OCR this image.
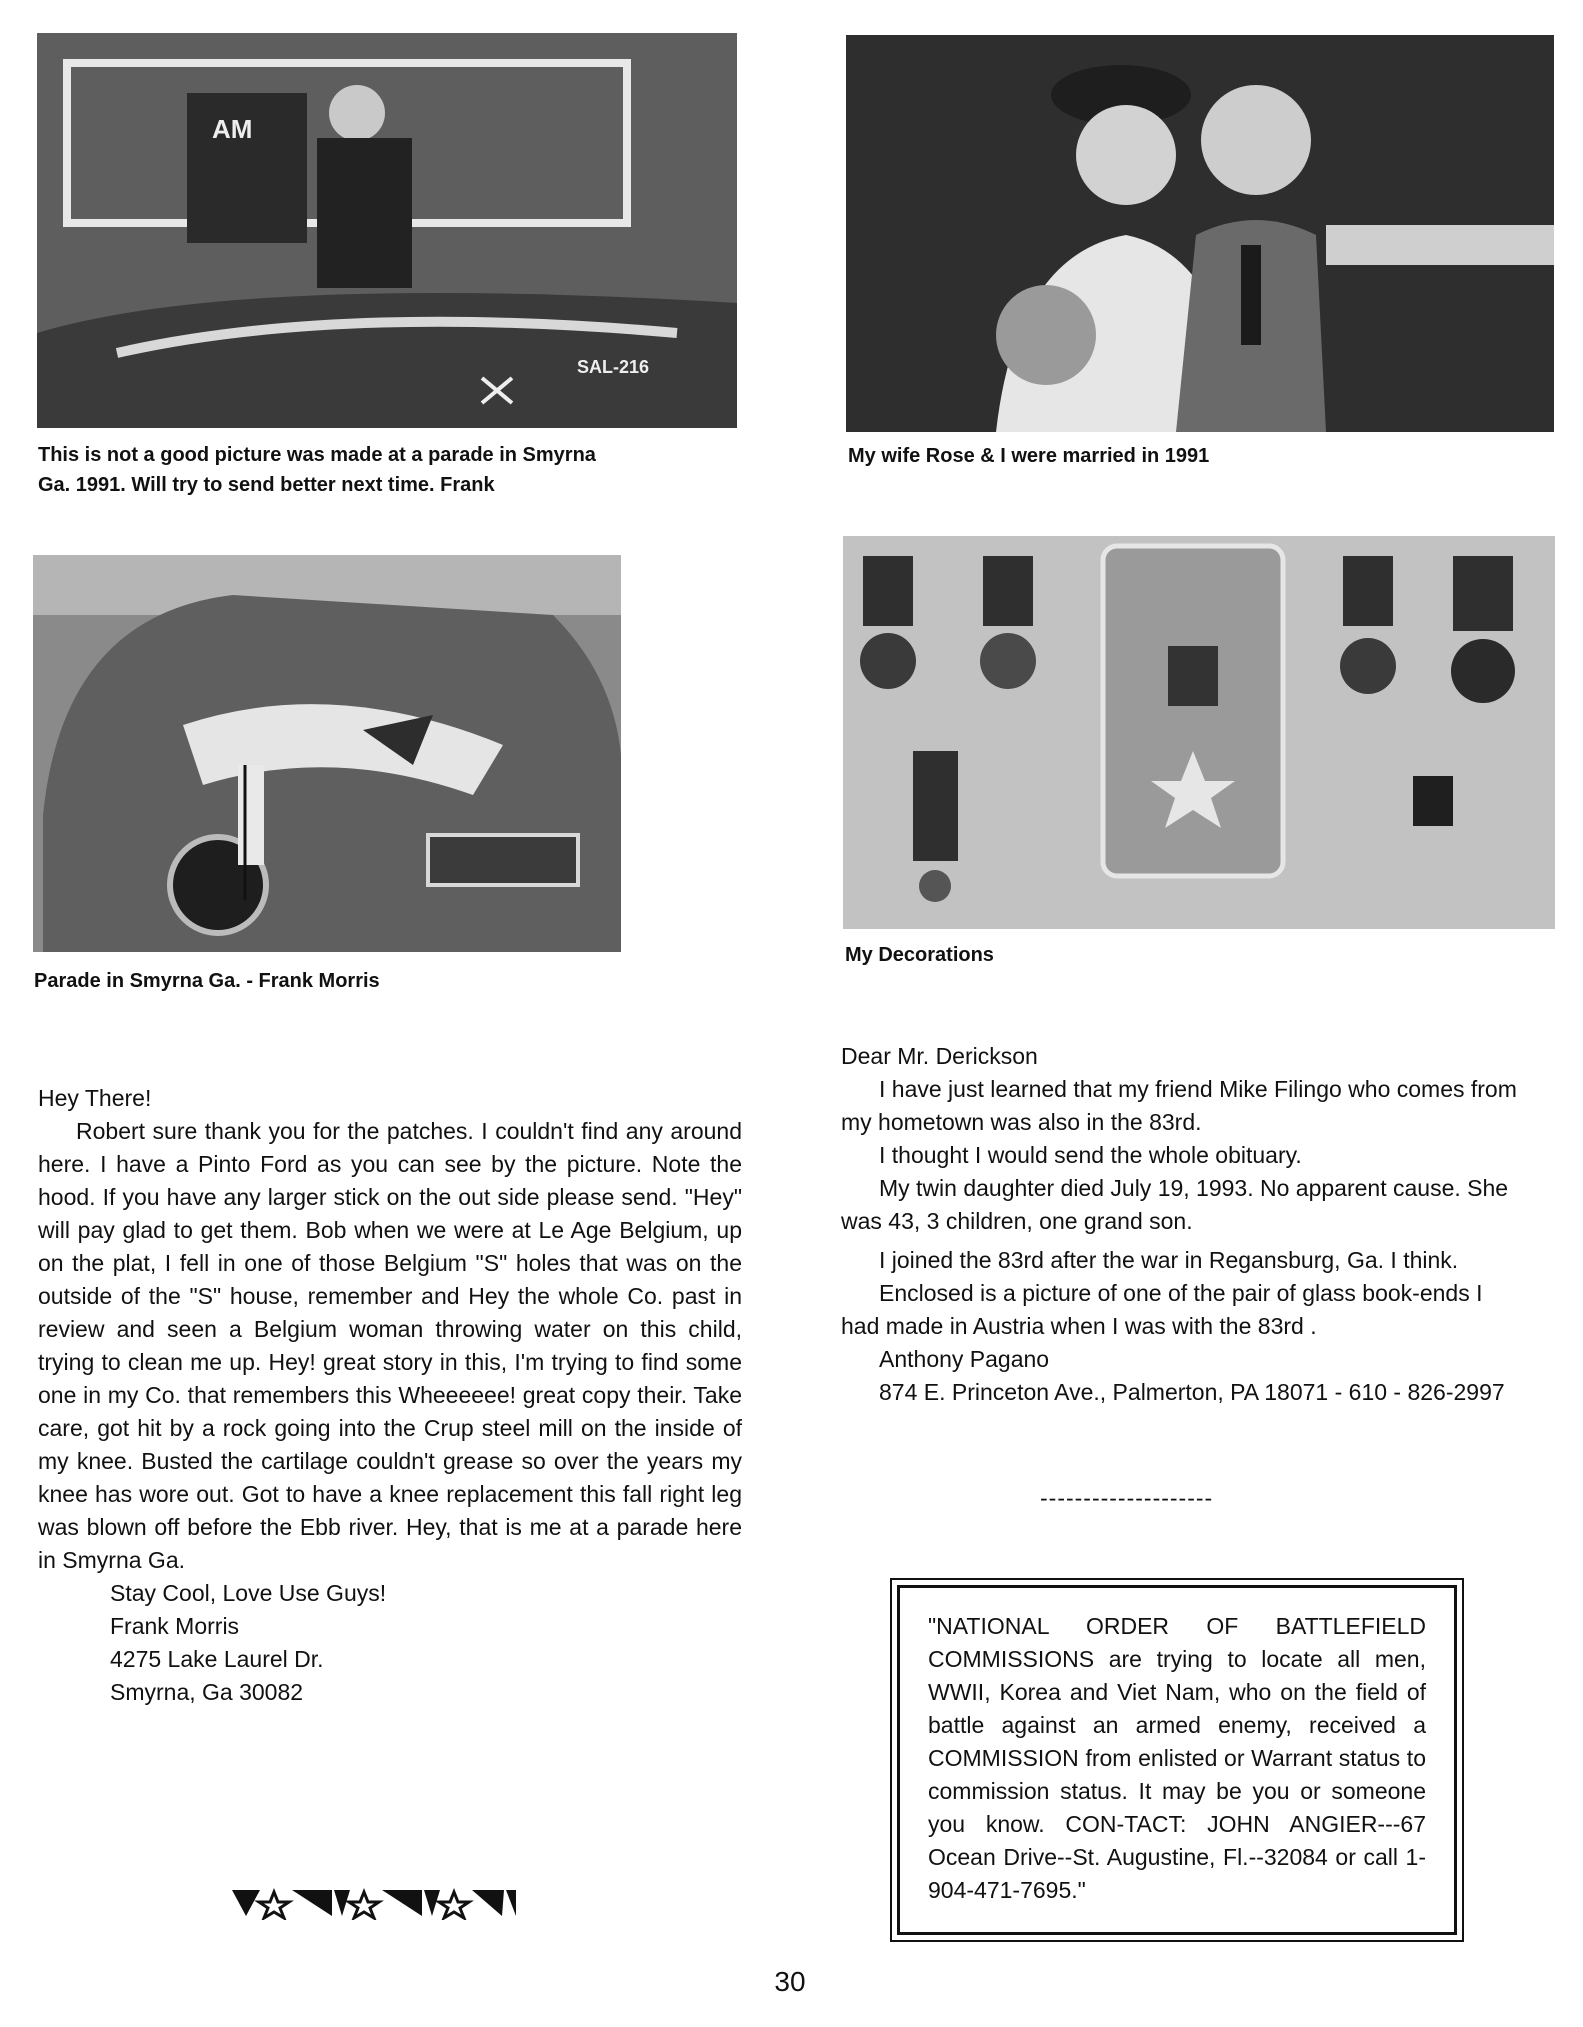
AM
SAL-216
This is not a good picture was made at a parade in Smyrna
Ga. 1991. Will try to send better next time. Frank
My wife Rose & I were married in 1991
Parade in Smyrna Ga. - Frank Morris
My Decorations
Hey There!

Robert sure thank you for the patches. I couldn't find any around here. I have a Pinto Ford as you can see by the picture. Note the hood. If you have any larger stick on the out side please send. "Hey" will pay glad to get them. Bob when we were at Le Age Belgium, up on the plat, I fell in one of those Belgium "S" holes that was on the outside of the "S" house, remember and Hey the whole Co. past in review and seen a Belgium woman throwing water on this child, trying to clean me up. Hey! great story in this, I'm trying to find some one in my Co. that remembers this Wheeeeee! great copy their. Take care, got hit by a rock going into the Crup steel mill on the inside of my knee. Busted the cartilage couldn't grease so over the years my knee has wore out. Got to have a knee replacement this fall right leg was blown off before the Ebb river. Hey, that is me at a parade here in Smyrna Ga.

Stay Cool, Love Use Guys!
Frank Morris
4275 Lake Laurel Dr.
Smyrna, Ga 30082
Dear Mr. Derickson

I have just learned that my friend Mike Filingo who comes from my hometown was also in the 83rd.

I thought I would send the whole obituary.

My twin daughter died July 19, 1993. No apparent cause. She was 43, 3 children, one grand son.

I joined the 83rd after the war in Regansburg, Ga. I think.

Enclosed is a picture of one of the pair of glass book-ends I had made in Austria when I was with the 83rd .

Anthony Pagano

874 E. Princeton Ave., Palmerton, PA 18071 - 610 - 826-2997

--------------------
"NATIONAL ORDER OF BATTLEFIELD COMMISSIONS are trying to locate all men, WWII, Korea and Viet Nam, who on the field of battle against an armed enemy, received a COMMISSION from enlisted or Warrant status to commission status. It may be you or someone you know. CON-TACT: JOHN ANGIER---67 Ocean Drive--St. Augustine, Fl.--32084 or call 1-904-471-7695."
30
